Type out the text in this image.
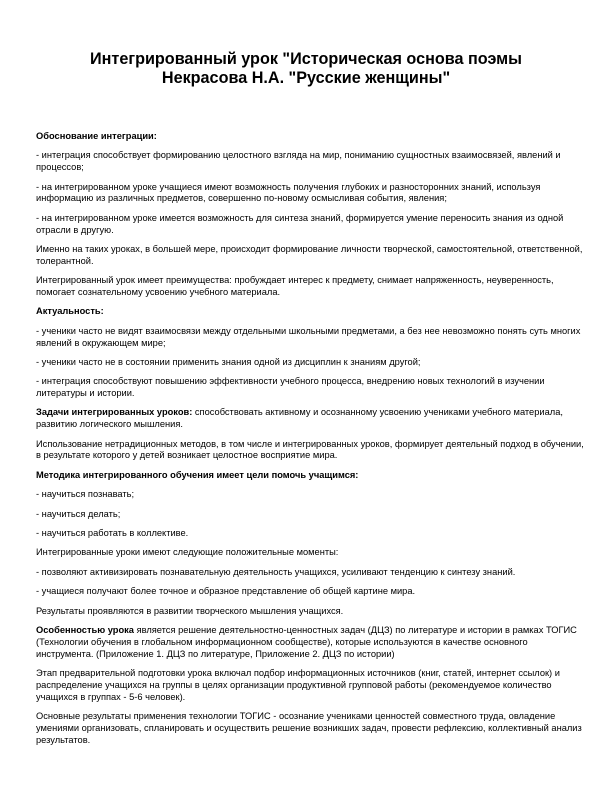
Интегрированный урок "Историческая основа поэмы
Некрасова Н.А. "Русские женщины"
Обоснование интеграции:
- интеграция способствует формированию целостного взгляда на мир, пониманию сущностных взаимосвязей, явлений и процессов;
- на интегрированном уроке учащиеся имеют возможность получения глубоких и разносторонних знаний, используя информацию из различных предметов, совершенно по-новому осмысливая события, явления;
- на интегрированном уроке имеется возможность для синтеза знаний, формируется умение переносить знания из одной отрасли в другую.
Именно на таких уроках, в большей мере, происходит формирование личности творческой, самостоятельной, ответственной, толерантной.
Интегрированный урок имеет преимущества: пробуждает интерес к предмету, снимает напряженность, неуверенность, помогает сознательному усвоению учебного материала.
Актуальность:
- ученики часто не видят взаимосвязи между отдельными школьными предметами, а без нее невозможно понять суть многих явлений в окружающем мире;
- ученики часто не в состоянии применить знания одной из дисциплин к знаниям другой;
- интеграция способствуют повышению эффективности учебного процесса, внедрению новых технологий в изучении литературы и истории.
Задачи интегрированных уроков: способствовать активному и осознанному усвоению учениками учебного материала, развитию логического мышления.
Использование нетрадиционных методов, в том числе и интегрированных уроков, формирует деятельный подход в обучении, в результате которого у детей возникает целостное восприятие мира.
Методика интегрированного обучения имеет цели помочь учащимся:
- научиться познавать;
- научиться делать;
- научиться работать в коллективе.
Интегрированные уроки имеют следующие положительные моменты:
- позволяют активизировать познавательную деятельность учащихся, усиливают тенденцию к синтезу знаний.
- учащиеся получают более точное и образное представление об общей картине мира.
Результаты проявляются в развитии творческого мышления учащихся.
Особенностью урока является решение деятельностно-ценностных задач (ДЦЗ) по литературе и истории в рамках ТОГИС (Технологии обучения в глобальном информационном сообществе), которые используются в качестве основного инструмента. (Приложение 1. ДЦЗ по литературе, Приложение 2. ДЦЗ по истории)
Этап предварительной подготовки урока включал подбор информационных источников (книг, статей, интернет ссылок) и распределение учащихся на группы в целях организации продуктивной групповой работы (рекомендуемое количество учащихся в группах - 5-6 человек).
Основные результаты применения технологии ТОГИС - осознание учениками ценностей совместного труда, овладение умениями организовать, спланировать и осуществить решение возникших задач, провести рефлексию, коллективный анализ результатов.
